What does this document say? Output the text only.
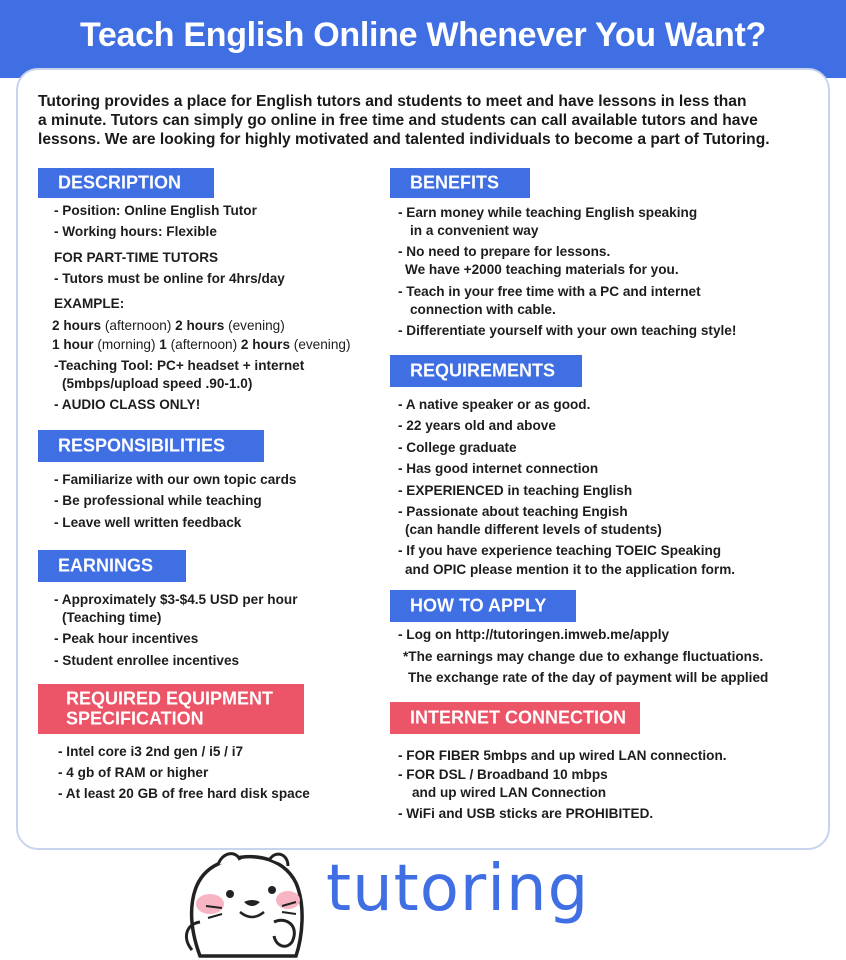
Teach English Online Whenever You Want?
Tutoring provides a place for English tutors and students to meet and have lessons in less than
a minute. Tutors can simply go online in free time and students can call available tutors and have
lessons. We are looking for highly motivated and talented individuals to become a part of Tutoring.
DESCRIPTION
- Position: Online English Tutor
- Working hours: Flexible
FOR PART-TIME TUTORS
- Tutors must be online for 4hrs/day
EXAMPLE:
2 hours (afternoon) 2 hours (evening)
1 hour (morning) 1 (afternoon) 2 hours (evening)
-Teaching Tool: PC+ headset + internet
(5mbps/upload speed .90-1.0)
- AUDIO CLASS ONLY!
RESPONSIBILITIES
- Familiarize with our own topic cards
- Be professional while teaching
- Leave well written feedback
EARNINGS
- Approximately $3-$4.5 USD per hour
(Teaching time)
- Peak hour incentives
- Student enrollee incentives
REQUIRED EQUIPMENT
SPECIFICATION
- Intel core i3 2nd gen / i5 / i7
- 4 gb of RAM or higher
- At least 20 GB of free hard disk space
BENEFITS
- Earn money while teaching English speaking
in a convenient way
- No need to prepare for lessons.
We have +2000 teaching materials for you.
- Teach in your free time with a PC and internet
connection with cable.
- Differentiate yourself with your own teaching style!
REQUIREMENTS
- A native speaker or as good.
- 22 years old and above
- College graduate
- Has good internet connection
- EXPERIENCED in teaching English
- Passionate about teaching Engish
(can handle different levels of students)
- If you have experience teaching TOEIC Speaking
and OPIC please mention it to the application form.
HOW TO APPLY
- Log on http://tutoringen.imweb.me/apply
*The earnings may change due to exhange fluctuations.
The exchange rate of the day of payment will be applied
INTERNET CONNECTION
- FOR FIBER 5mbps and up wired LAN connection.
- FOR DSL / Broadband 10 mbps
and up wired LAN Connection
- WiFi and USB sticks are PROHIBITED.
tutoring
